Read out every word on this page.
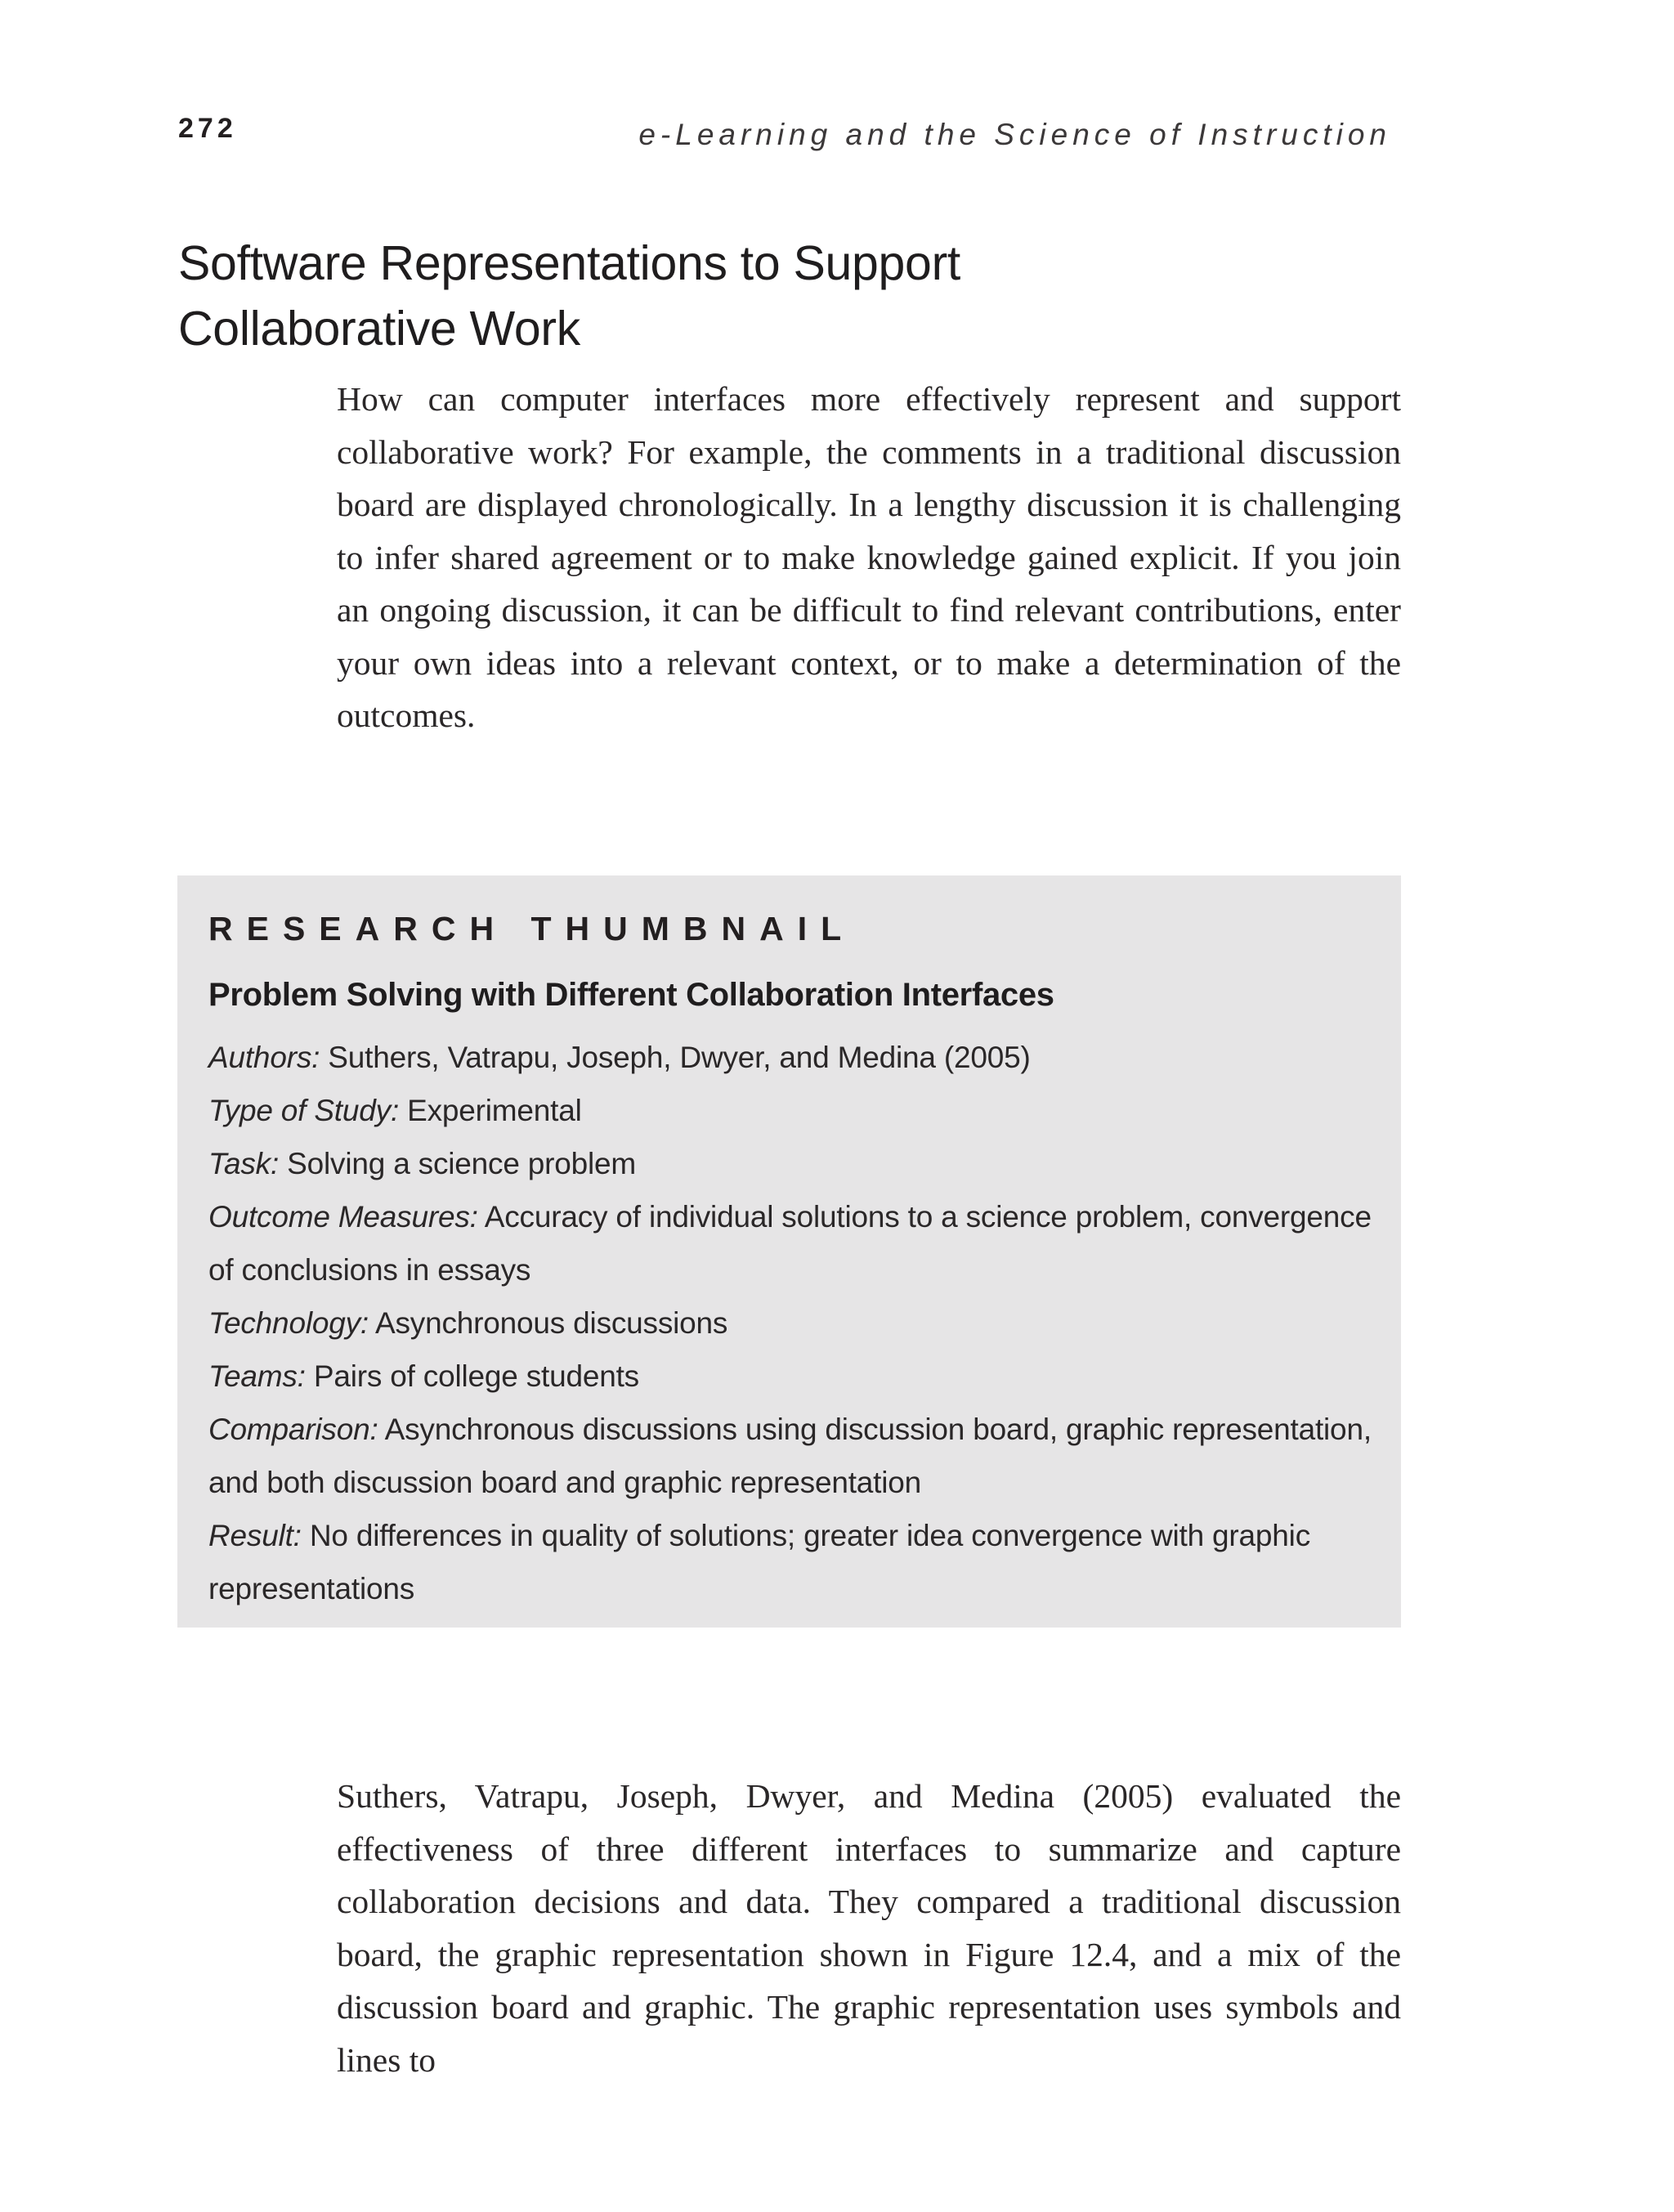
272	e-Learning and the Science of Instruction
Software Representations to Support
Collaborative Work

How can computer interfaces more effectively represent and support collaborative work? For example, the comments in a traditional discussion board are displayed chronologically. In a lengthy discussion it is challenging to infer shared agreement or to make knowledge gained explicit. If you join an ongoing discussion, it can be difficult to find relevant contributions, enter your own ideas into a relevant context, or to make a determination of the outcomes.

RESEARCH THUMBNAIL
Problem Solving with Different Collaboration Interfaces

Authors: Suthers, Vatrapu, Joseph, Dwyer, and Medina (2005)

Type of Study: Experimental

Task: Solving a science problem

Outcome Measures: Accuracy of individual solutions to a science problem, convergence of conclusions in essays

Technology: Asynchronous discussions

Teams: Pairs of college students

Comparison: Asynchronous discussions using discussion board, graphic representation, and both discussion board and graphic representation

Result: No differences in quality of solutions; greater idea convergence with graphic representations

Suthers, Vatrapu, Joseph, Dwyer, and Medina (2005) evaluated the effectiveness of three different interfaces to summarize and capture collaboration decisions and data. They compared a traditional discussion board, the graphic representation shown in Figure 12.4, and a mix of the discussion board and graphic. The graphic representation uses symbols and lines to
